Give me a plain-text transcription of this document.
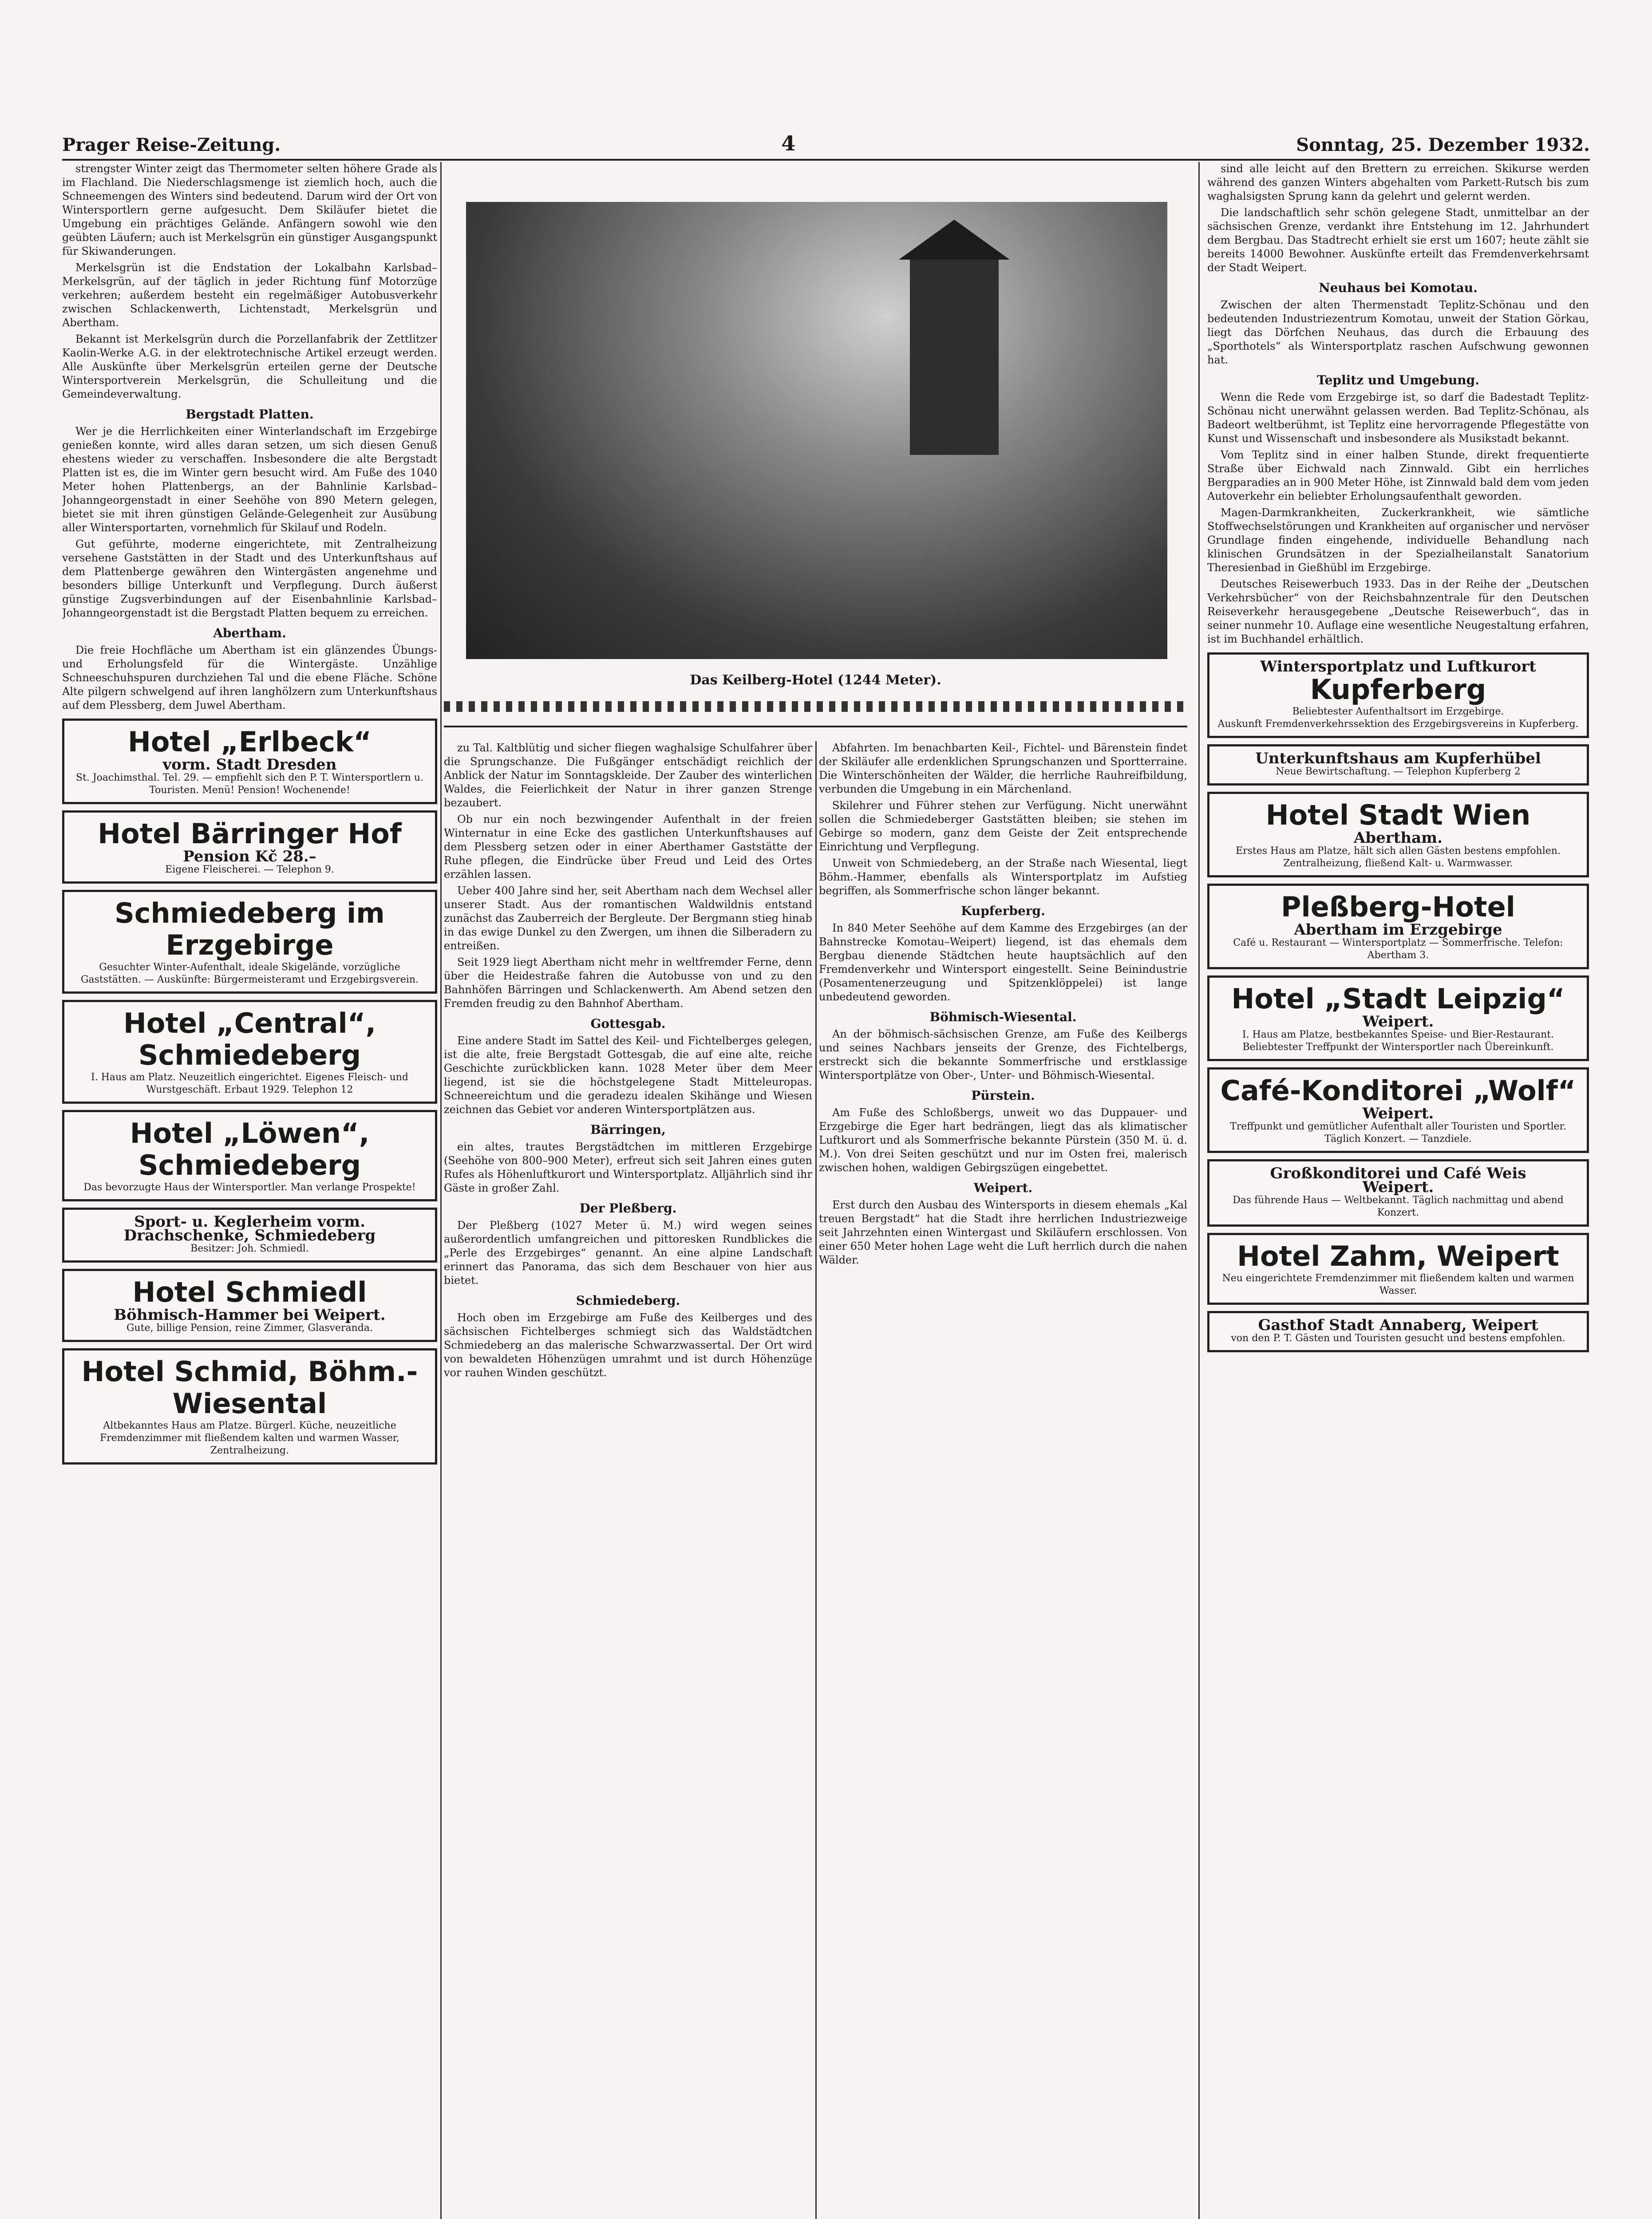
Prager Reise-Zeitung.	4	Sonntag, 25. Dezember 1932.

strengster Winter zeigt das Thermometer selten höhere Grade als im Flachland. Die Niederschlagsmenge ist ziemlich hoch, auch die Schneemengen des Winters sind bedeutend. Darum wird der Ort von Wintersportlern gerne aufgesucht. Dem Skiläufer bietet die Umgebung ein prächtiges Gelände. Anfängern sowohl wie den geübten Läufern; auch ist Merkelsgrün ein günstiger Ausgangspunkt für Skiwanderungen.

Merkelsgrün ist die Endstation der Lokalbahn Karlsbad–Merkelsgrün, auf der täglich in jeder Richtung fünf Motorzüge verkehren; außerdem besteht ein regelmäßiger Autobusverkehr zwischen Schlackenwerth, Lichtenstadt, Merkelsgrün und Abertham.

Bekannt ist Merkelsgrün durch die Porzellanfabrik der Zettlitzer Kaolin-Werke A.G. in der elektrotechnische Artikel erzeugt werden. Alle Auskünfte über Merkelsgrün erteilen gerne der Deutsche Wintersportverein Merkelsgrün, die Schulleitung und die Gemeindeverwaltung.

Bergstadt Platten.

Wer je die Herrlichkeiten einer Winterlandschaft im Erzgebirge genießen konnte, wird alles daran setzen, um sich diesen Genuß ehestens wieder zu verschaffen. Insbesondere die alte Bergstadt Platten ist es, die im Winter gern besucht wird. Am Fuße des 1040 Meter hohen Plattenbergs, an der Bahnlinie Karlsbad–Johanngeorgenstadt in einer Seehöhe von 890 Metern gelegen, bietet sie mit ihren günstigen Gelände-Gelegenheit zur Ausübung aller Wintersportarten, vornehmlich für Skilauf und Rodeln.

Gut geführte, moderne eingerichtete, mit Zentralheizung versehene Gaststätten in der Stadt und des Unterkunftshaus auf dem Plattenberge gewähren den Wintergästen angenehme und besonders billige Unterkunft und Verpflegung. Durch äußerst günstige Zugsverbindungen auf der Eisenbahnlinie Karlsbad–Johanngeorgenstadt ist die Bergstadt Platten bequem zu erreichen.

Abertham.

Die freie Hochfläche um Abertham ist ein glänzendes Übungs- und Erholungsfeld für die Wintergäste. Unzählige Schneeschuhspuren durchziehen Tal und die ebene Fläche. Schöne Alte pilgern schwelgend auf ihren langhölzern zum Unterkunftshaus auf dem Plessberg, dem Juwel Abertham.

Hotel „Erlbeck“
vorm. Stadt Dresden
St. Joachimsthal. Tel. 29. — empfiehlt sich den P. T. Wintersportlern u. Touristen. Menü! Pension! Wochenende!
Hotel Bärringer Hof
Pension Kč 28.–
Eigene Fleischerei. — Telephon 9.
Schmiedeberg im Erzgebirge
Gesuchter Winter-Aufenthalt, ideale Skigelände, vorzügliche Gaststätten. — Auskünfte: Bürgermeisteramt und Erzgebirgsverein.
Hotel „Central“, Schmiedeberg
I. Haus am Platz. Neuzeitlich eingerichtet. Eigenes Fleisch- und Wurstgeschäft. Erbaut 1929. Telephon 12
Hotel „Löwen“, Schmiedeberg
Das bevorzugte Haus der Wintersportler. Man verlange Prospekte!
Sport- u. Keglerheim vorm. Drachschenke, Schmiedeberg
Besitzer: Joh. Schmiedl.
Hotel Schmiedl
Böhmisch-Hammer bei Weipert.
Gute, billige Pension, reine Zimmer, Glasveranda.
Hotel Schmid, Böhm.-Wiesental
Altbekanntes Haus am Platze. Bürgerl. Küche, neuzeitliche Fremdenzimmer mit fließendem kalten und warmen Wasser, Zentralheizung.
Das Keilberg-Hotel (1244 Meter).

zu Tal. Kaltblütig und sicher fliegen waghalsige Schulfahrer über die Sprungschanze. Die Fußgänger entschädigt reichlich der Anblick der Natur im Sonntagskleide. Der Zauber des winterlichen Waldes, die Feierlichkeit der Natur in ihrer ganzen Strenge bezaubert.

Ob nur ein noch bezwingender Aufenthalt in der freien Winternatur in eine Ecke des gastlichen Unterkunftshauses auf dem Plessberg setzen oder in einer Aberthamer Gaststätte der Ruhe pflegen, die Eindrücke über Freud und Leid des Ortes erzählen lassen.

Ueber 400 Jahre sind her, seit Abertham nach dem Wechsel aller unserer Stadt. Aus der romantischen Waldwildnis entstand zunächst das Zauberreich der Bergleute. Der Bergmann stieg hinab in das ewige Dunkel zu den Zwergen, um ihnen die Silberadern zu entreißen.

Seit 1929 liegt Abertham nicht mehr in weltfremder Ferne, denn über die Heidestraße fahren die Autobusse von und zu den Bahnhöfen Bärringen und Schlackenwerth. Am Abend setzen den Fremden freudig zu den Bahnhof Abertham.

Gottesgab.

Eine andere Stadt im Sattel des Keil- und Fichtelberges gelegen, ist die alte, freie Bergstadt Gottesgab, die auf eine alte, reiche Geschichte zurückblicken kann. 1028 Meter über dem Meer liegend, ist sie die höchstgelegene Stadt Mitteleuropas. Schneereichtum und die geradezu idealen Skihänge und Wiesen zeichnen das Gebiet vor anderen Wintersportplätzen aus.

Bärringen,

ein altes, trautes Bergstädtchen im mittleren Erzgebirge (Seehöhe von 800–900 Meter), erfreut sich seit Jahren eines guten Rufes als Höhenluftkurort und Wintersportplatz. Alljährlich sind ihr Gäste in großer Zahl.

Der Pleßberg.

Der Pleßberg (1027 Meter ü. M.) wird wegen seines außerordentlich umfangreichen und pittoresken Rundblickes die „Perle des Erzgebirges“ genannt. An eine alpine Landschaft erinnert das Panorama, das sich dem Beschauer von hier aus bietet.

Schmiedeberg.

Hoch oben im Erzgebirge am Fuße des Keilberges und des sächsischen Fichtelberges schmiegt sich das Waldstädtchen Schmiedeberg an das malerische Schwarzwassertal. Der Ort wird von bewaldeten Höhenzügen umrahmt und ist durch Höhenzüge vor rauhen Winden geschützt.

Abfahrten. Im benachbarten Keil-, Fichtel- und Bärenstein findet der Skiläufer alle erdenklichen Sprungschanzen und Sportterraine. Die Winterschönheiten der Wälder, die herrliche Rauhreifbildung, verbunden die Umgebung in ein Märchenland.

Skilehrer und Führer stehen zur Verfügung. Nicht unerwähnt sollen die Schmiedeberger Gaststätten bleiben; sie stehen im Gebirge so modern, ganz dem Geiste der Zeit entsprechende Einrichtung und Verpflegung.

Unweit von Schmiedeberg, an der Straße nach Wiesental, liegt Böhm.-Hammer, ebenfalls als Wintersportplatz im Aufstieg begriffen, als Sommerfrische schon länger bekannt.

Kupferberg.

In 840 Meter Seehöhe auf dem Kamme des Erzgebirges (an der Bahnstrecke Komotau–Weipert) liegend, ist das ehemals dem Bergbau dienende Städtchen heute hauptsächlich auf den Fremdenverkehr und Wintersport eingestellt. Seine Beinindustrie (Posamentenerzeugung und Spitzenklöppelei) ist lange unbedeutend geworden.

Böhmisch-Wiesental.

An der böhmisch-sächsischen Grenze, am Fuße des Keilbergs und seines Nachbars jenseits der Grenze, des Fichtelbergs, erstreckt sich die bekannte Sommerfrische und erstklassige Wintersportplätze von Ober-, Unter- und Böhmisch-Wiesental.

Pürstein.

Am Fuße des Schloßbergs, unweit wo das Duppauer- und Erzgebirge die Eger hart bedrängen, liegt das als klimatischer Luftkurort und als Sommerfrische bekannte Pürstein (350 M. ü. d. M.). Von drei Seiten geschützt und nur im Osten frei, malerisch zwischen hohen, waldigen Gebirgszügen eingebettet.

Weipert.

Erst durch den Ausbau des Wintersports in diesem ehemals „Kal treuen Bergstadt“ hat die Stadt ihre herrlichen Industriezweige seit Jahrzehnten einen Wintergast und Skiläufern erschlossen. Von einer 650 Meter hohen Lage weht die Luft herrlich durch die nahen Wälder.

sind alle leicht auf den Brettern zu erreichen. Skikurse werden während des ganzen Winters abgehalten vom Parkett-Rutsch bis zum waghalsigsten Sprung kann da gelehrt und gelernt werden.

Die landschaftlich sehr schön gelegene Stadt, unmittelbar an der sächsischen Grenze, verdankt ihre Entstehung im 12. Jahrhundert dem Bergbau. Das Stadtrecht erhielt sie erst um 1607; heute zählt sie bereits 14000 Bewohner. Auskünfte erteilt das Fremdenverkehrsamt der Stadt Weipert.

Neuhaus bei Komotau.

Zwischen der alten Thermenstadt Teplitz-Schönau und den bedeutenden Industriezentrum Komotau, unweit der Station Görkau, liegt das Dörfchen Neuhaus, das durch die Erbauung des „Sporthotels“ als Wintersportplatz raschen Aufschwung gewonnen hat.

Teplitz und Umgebung.

Wenn die Rede vom Erzgebirge ist, so darf die Badestadt Teplitz-Schönau nicht unerwähnt gelassen werden. Bad Teplitz-Schönau, als Badeort weltberühmt, ist Teplitz eine hervorragende Pflegestätte von Kunst und Wissenschaft und insbesondere als Musikstadt bekannt.

Vom Teplitz sind in einer halben Stunde, direkt frequentierte Straße über Eichwald nach Zinnwald. Gibt ein herrliches Bergparadies an in 900 Meter Höhe, ist Zinnwald bald dem vom jeden Autoverkehr ein beliebter Erholungsaufenthalt geworden.

Magen-Darmkrankheiten, Zuckerkrankheit, wie sämtliche Stoffwechselstörungen und Krankheiten auf organischer und nervöser Grundlage finden eingehende, individuelle Behandlung nach klinischen Grundsätzen in der Spezialheilanstalt Sanatorium Theresienbad in Gießhübl im Erzgebirge.

Deutsches Reisewerbuch 1933. Das in der Reihe der „Deutschen Verkehrsbücher“ von der Reichsbahnzentrale für den Deutschen Reiseverkehr herausgegebene „Deutsche Reisewerbuch“, das in seiner nunmehr 10. Auflage eine wesentliche Neugestaltung erfahren, ist im Buchhandel erhältlich.

Wintersportplatz und Luftkurort
Kupferberg
Beliebtester Aufenthaltsort im Erzgebirge.
Auskunft Fremdenverkehrssektion des Erzgebirgsvereins in Kupferberg.
Unterkunftshaus am Kupferhübel
Neue Bewirtschaftung. — Telephon Kupferberg 2
Hotel Stadt Wien
Abertham.
Erstes Haus am Platze, hält sich allen Gästen bestens empfohlen. Zentralheizung, fließend Kalt- u. Warmwasser.
Pleßberg-Hotel
Abertham im Erzgebirge
Café u. Restaurant — Wintersportplatz — Sommerfrische. Telefon: Abertham 3.
Hotel „Stadt Leipzig“
Weipert.
I. Haus am Platze, bestbekanntes Speise- und Bier-Restaurant. Beliebtester Treffpunkt der Wintersportler nach Übereinkunft.
Café-Konditorei „Wolf“
Weipert.
Treffpunkt und gemütlicher Aufenthalt aller Touristen und Sportler. Täglich Konzert. — Tanzdiele.
Großkonditorei und Café Weis
Weipert.
Das führende Haus — Weltbekannt. Täglich nachmittag und abend Konzert.
Hotel Zahm, Weipert
Neu eingerichtete Fremdenzimmer mit fließendem kalten und warmen Wasser.
Gasthof Stadt Annaberg, Weipert
von den P. T. Gästen und Touristen gesucht und bestens empfohlen.
